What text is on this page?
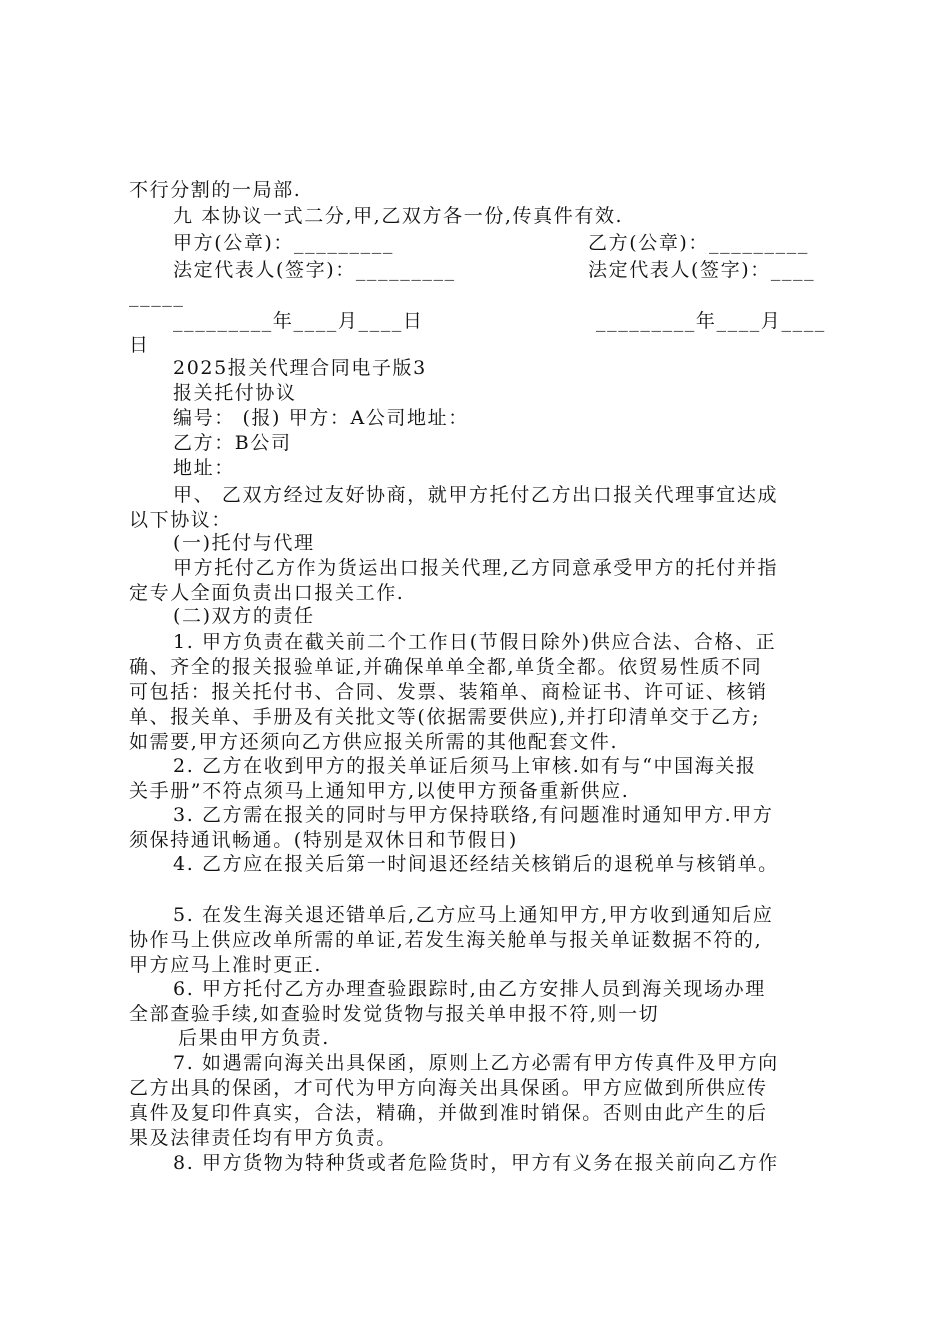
不行分割的一局部.
九 本协议一式二分,甲,乙双方各一份,传真件有效.
甲方(公章)：_________	乙方(公章)：_________
法定代表人(签字)：_________	法定代表人(签字)：____
_____
_________年____月____日	_________年____月____
日
2025报关代理合同电子版3
报关托付协议
编号： (报) 甲方：A公司地址：
乙方：B公司
地址：
甲、 乙双方经过友好协商，就甲方托付乙方出口报关代理事宜达成
以下协议：
(一)托付与代理
甲方托付乙方作为货运出口报关代理,乙方同意承受甲方的托付并指
定专人全面负责出口报关工作.
(二)双方的责任
1. 甲方负责在截关前二个工作日(节假日除外)供应合法、合格、正
确、齐全的报关报验单证,并确保单单全都,单货全都。依贸易性质不同
可包括：报关托付书、合同、发票、装箱单、商检证书、许可证、核销
单、报关单、手册及有关批文等(依据需要供应),并打印清单交于乙方;
如需要,甲方还须向乙方供应报关所需的其他配套文件.
2. 乙方在收到甲方的报关单证后须马上审核.如有与“中国海关报
关手册”不符点须马上通知甲方,以使甲方预备重新供应.
3. 乙方需在报关的同时与甲方保持联络,有问题准时通知甲方.甲方
须保持通讯畅通。(特别是双休日和节假日)
4. 乙方应在报关后第一时间退还经结关核销后的退税单与核销单。
5. 在发生海关退还错单后,乙方应马上通知甲方,甲方收到通知后应
协作马上供应改单所需的单证,若发生海关舱单与报关单证数据不符的,
甲方应马上准时更正.
6. 甲方托付乙方办理查验跟踪时,由乙方安排人员到海关现场办理
全部查验手续,如查验时发觉货物与报关单申报不符,则一切
后果由甲方负责.
7. 如遇需向海关出具保函，原则上乙方必需有甲方传真件及甲方向
乙方出具的保函，才可代为甲方向海关出具保函。甲方应做到所供应传
真件及复印件真实，合法，精确，并做到准时销保。否则由此产生的后
果及法律责任均有甲方负责。
8. 甲方货物为特种货或者危险货时，甲方有义务在报关前向乙方作
